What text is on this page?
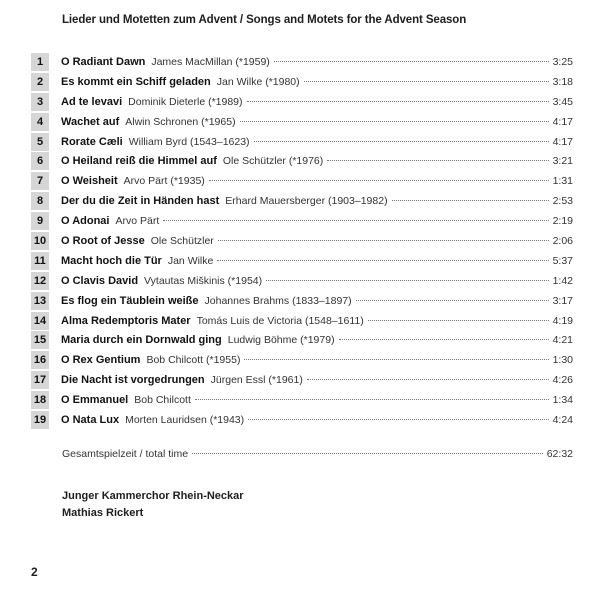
Lieder und Motetten zum Advent / Songs and Motets for the Advent Season
1	O Radiant Dawn James MacMillan (*1959)	3:25
2	Es kommt ein Schiff geladen Jan Wilke (*1980)	3:18
3	Ad te levavi Dominik Dieterle (*1989)	3:45
4	Wachet auf Alwin Schronen (*1965)	4:17
5	Rorate Cæli William Byrd (1543–1623)	4:17
6	O Heiland reiß die Himmel auf Ole Schützler (*1976)	3:21
7	O Weisheit Arvo Pärt (*1935)	1:31
8	Der du die Zeit in Händen hast Erhard Mauersberger (1903–1982)	2:53
9	O Adonai Arvo Pärt	2:19
10 O Root of Jesse Ole Schützler	2:06
11 Macht hoch die Tür Jan Wilke	5:37
12 O Clavis David Vytautas Miškinis (*1954)	1:42
13 Es flog ein Täublein weiße Johannes Brahms (1833–1897)	3:17
14 Alma Redemptoris Mater Tomás Luis de Victoria (1548–1611)	4:19
15 Maria durch ein Dornwald ging Ludwig Böhme (*1979)	4:21
16 O Rex Gentium Bob Chilcott (*1955)	1:30
17 Die Nacht ist vorgedrungen Jürgen Essl (*1961)	4:26
18 O Emmanuel Bob Chilcott	1:34
19 O Nata Lux Morten Lauridsen (*1943)	4:24
Gesamtspielzeit / total time	62:32
Junger Kammerchor Rhein-Neckar
Mathias Rickert
2
